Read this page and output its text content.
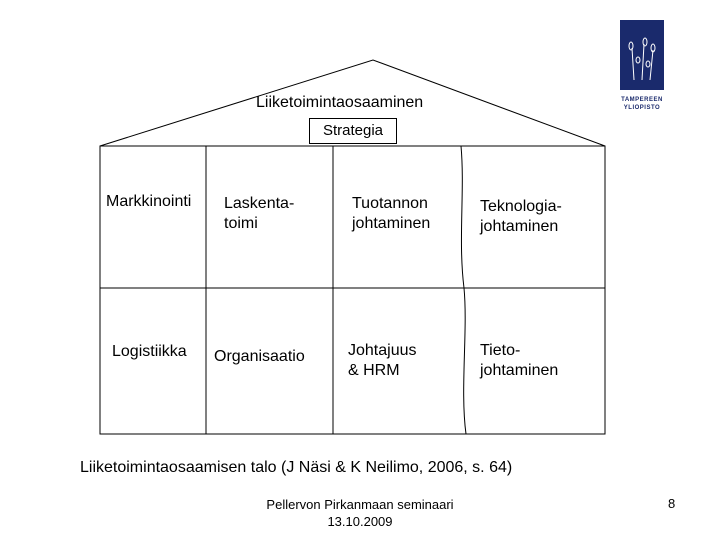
Liiketoimintaosaaminen
Strategia
Markkinointi Laskenta-
toimi
Tuotannon
johtaminen
Teknologia-
johtaminen
Logistiikka Organisaatio	Johtajuus
& HRM
Tieto-
johtaminen
Liiketoimintaosaamisen talo (J Näsi & K Neilimo, 2006, s. 64)
Pellervon Pirkanmaan seminaari
13.10.2009
8
TAMPEREEN
YLIOPISTO
